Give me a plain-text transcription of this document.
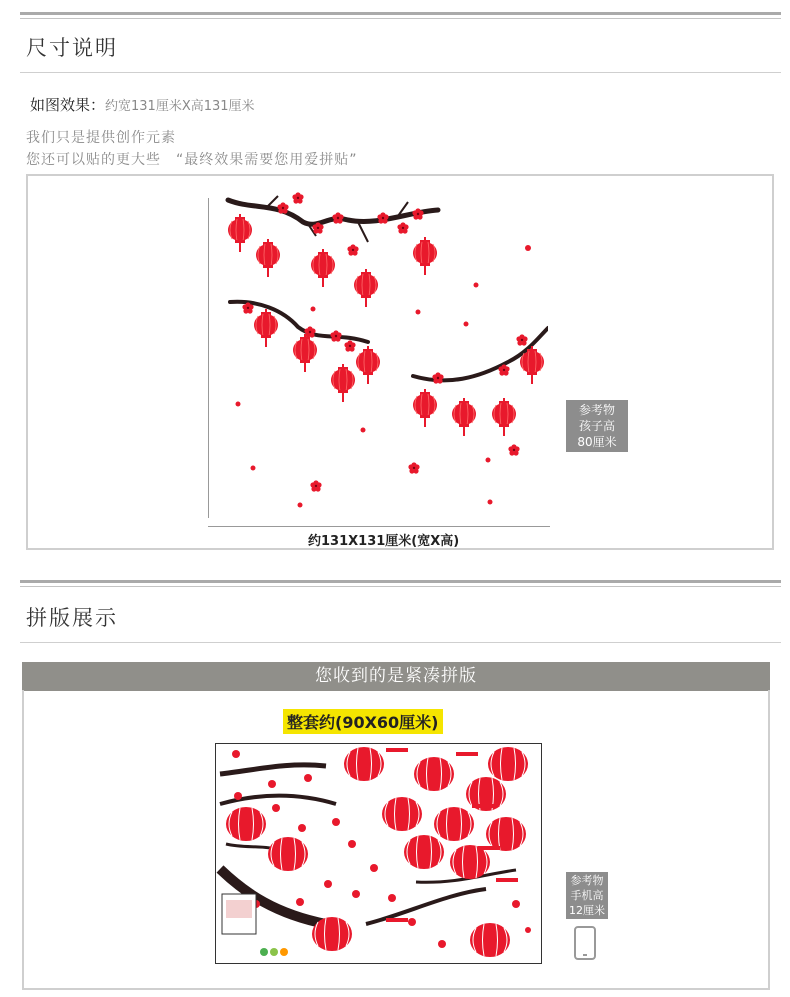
尺寸说明
如图效果：约宽131厘米X高131厘米
我们只是提供创作元素
您还可以贴的更大些　“最终效果需要您用爱拼贴”
约131X131厘米(宽X高)
参考物
孩子高
80厘米
拼版展示
您收到的是紧凑拼版
整套约(90X60厘米)
参考物
手机高
12厘米
